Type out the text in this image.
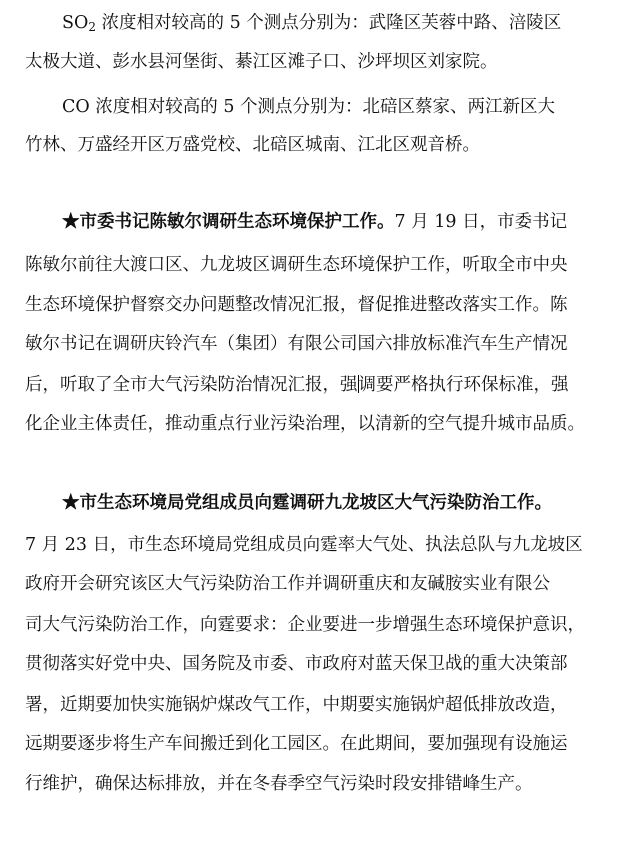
$SO_2$ 浓度相对较高的 5 个测点分别为：武隆区芙蓉中路、涪陵区
太极大道、彭水县河堡街、綦江区滩子口、沙坪坝区刘家院。
CO 浓度相对较高的 5 个测点分别为：北碚区蔡家、两江新区大
竹林、万盛经开区万盛党校、北碚区城南、江北区观音桥。
★市委书记陈敏尔调研生态环境保护工作。7 月 19 日，市委书记
陈敏尔前往大渡口区、九龙坡区调研生态环境保护工作，听取全市中央
生态环境保护督察交办问题整改情况汇报，督促推进整改落实工作。陈
敏尔书记在调研庆铃汽车（集团）有限公司国六排放标准汽车生产情况
后，听取了全市大气污染防治情况汇报，强调要严格执行环保标准，强
化企业主体责任，推动重点行业污染治理，以清新的空气提升城市品质。
★市生态环境局党组成员向霆调研九龙坡区大气污染防治工作。
7 月 23 日，市生态环境局党组成员向霆率大气处、执法总队与九龙坡区
政府开会研究该区大气污染防治工作并调研重庆和友碱胺实业有限公
司大气污染防治工作，向霆要求：企业要进一步增强生态环境保护意识，
贯彻落实好党中央、国务院及市委、市政府对蓝天保卫战的重大决策部
署，近期要加快实施锅炉煤改气工作，中期要实施锅炉超低排放改造，
远期要逐步将生产车间搬迁到化工园区。在此期间，要加强现有设施运
行维护，确保达标排放，并在冬春季空气污染时段安排错峰生产。
